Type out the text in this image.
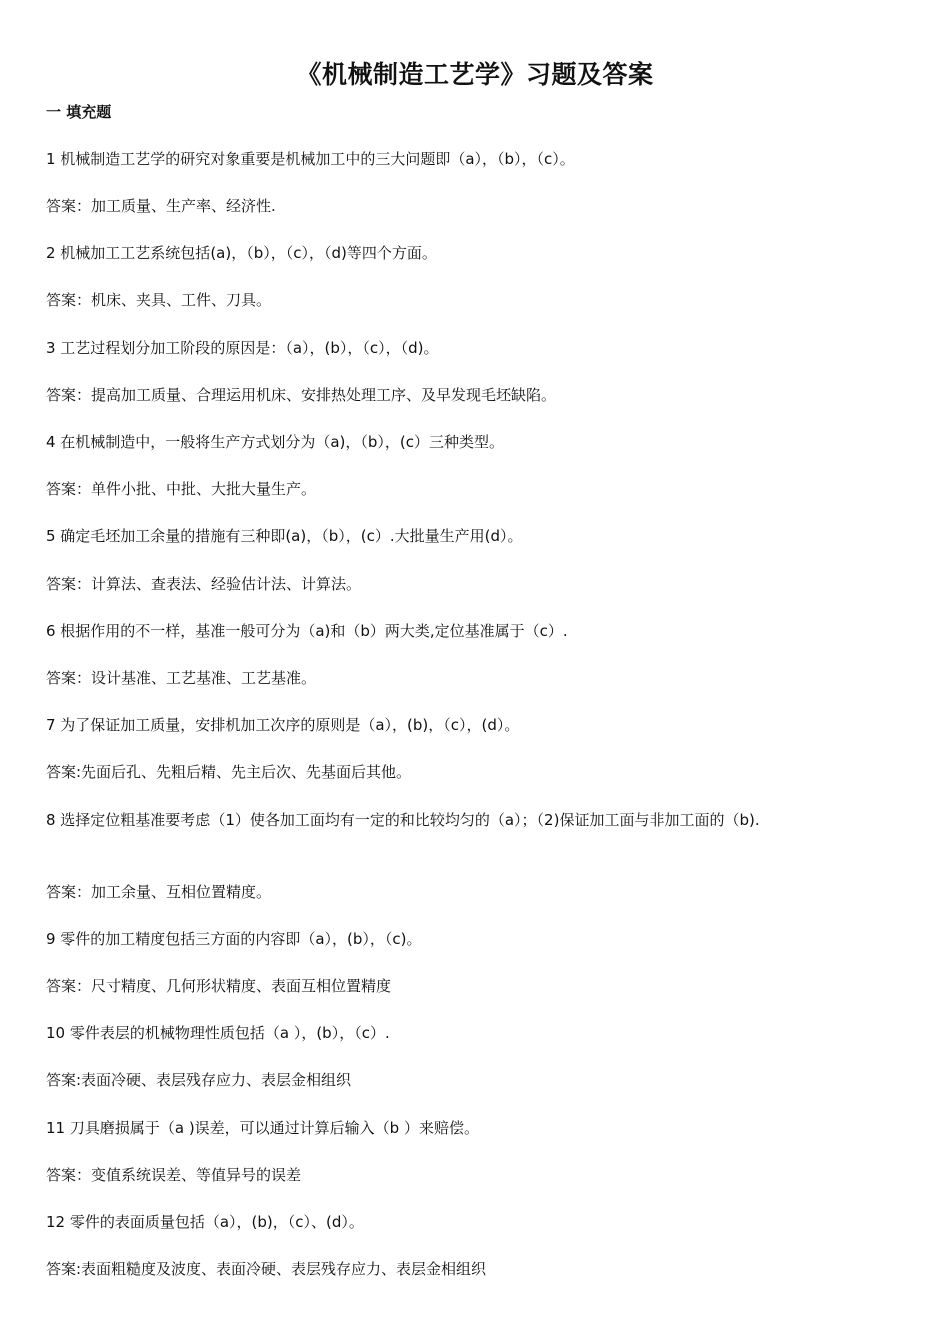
《机械制造工艺学》习题及答案

一 填充题

1 机械制造工艺学的研究对象重要是机械加工中的三大问题即（a），（b），（c）。

答案：加工质量、生产率、经济性.

2 机械加工工艺系统包括(a)，（b），（c），（d)等四个方面。

答案：机床、夹具、工件、刀具。

3 工艺过程划分加工阶段的原因是：（a），(b），（c），（d)。

答案：提高加工质量、合理运用机床、安排热处理工序、及早发现毛坯缺陷。

4 在机械制造中，一般将生产方式划分为（a)，（b），(c）三种类型。

答案：单件小批、中批、大批大量生产。

5 确定毛坯加工余量的措施有三种即(a)，（b），(c）.大批量生产用(d）。

答案：计算法、查表法、经验估计法、计算法。

6 根据作用的不一样，基准一般可分为（a)和（b）两大类,定位基准属于（c）.

答案：设计基准、工艺基准、工艺基准。

7 为了保证加工质量，安排机加工次序的原则是（a），(b)，（c），(d）。

答案:先面后孔、先粗后精、先主后次、先基面后其他。

8 选择定位粗基准要考虑（1）使各加工面均有一定的和比较均匀的（a）；（2)保证加工面与非加工面的（b).

答案：加工余量、互相位置精度。

9 零件的加工精度包括三方面的内容即（a），(b），（c)。

答案：尺寸精度、几何形状精度、表面互相位置精度

10 零件表层的机械物理性质包括（a ），(b），（c）.

答案:表面冷硬、表层残存应力、表层金相组织

11 刀具磨损属于（a )误差，可以通过计算后输入（b ）来赔偿。

答案：变值系统误差、等值异号的误差

12 零件的表面质量包括（a），(b)，（c）、(d）。

答案:表面粗糙度及波度、表面冷硬、表层残存应力、表层金相组织
